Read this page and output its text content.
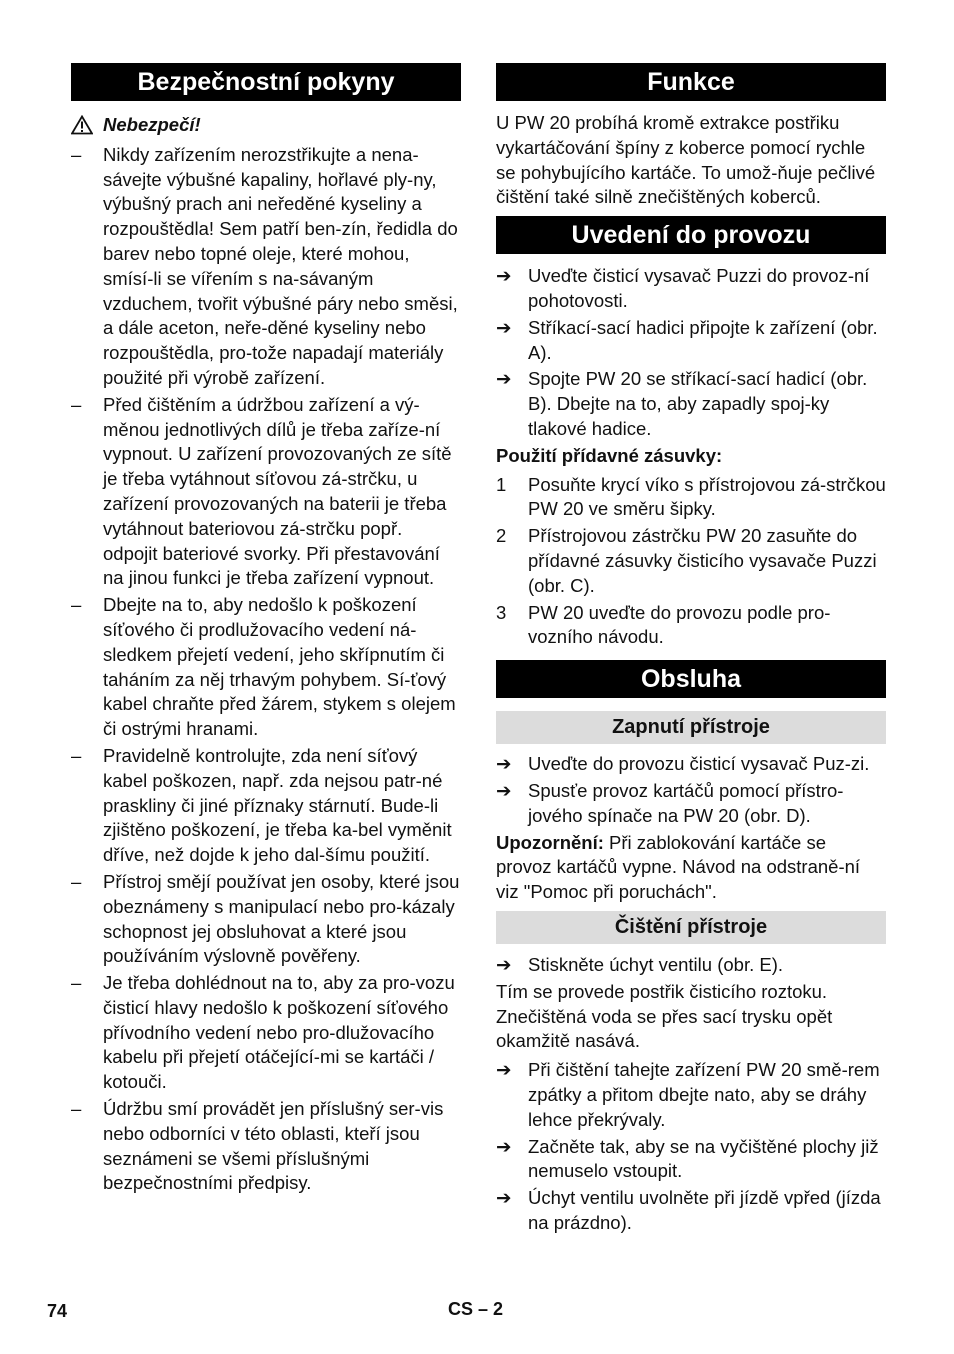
Bezpečnostní pokyny
Nebezpečí!
–	Nikdy zařízením nerozstřikujte a nena-sávejte výbušné kapaliny, hořlavé ply-ny, výbušný prach ani neředěné kyseliny a rozpouštědla! Sem patří ben-zín, ředidla do barev nebo topné oleje, které mohou, smísí-li se vířením s na-sávaným vzduchem, tvořit výbušné páry nebo směsi, a dále aceton, neře-děné kyseliny nebo rozpouštědla, pro-tože napadají materiály použité při výrobě zařízení.
–	Před čištěním a údržbou zařízení a vý-měnou jednotlivých dílů je třeba zaříze-ní vypnout. U zařízení provozovaných ze sítě je třeba vytáhnout síťovou zá-strčku, u zařízení provozovaných na baterii je třeba vytáhnout bateriovou zá-strčku popř. odpojit bateriové svorky. Při přestavování na jinou funkci je třeba zařízení vypnout.
–	Dbejte na to, aby nedošlo k poškození síťového či prodlužovacího vedení ná-sledkem přejetí vedení, jeho skřípnutím či taháním za něj trhavým pohybem. Sí-ťový kabel chraňte před žárem, stykem s olejem či ostrými hranami.
–	Pravidelně kontrolujte, zda není síťový kabel poškozen, např. zda nejsou patr-né praskliny či jiné příznaky stárnutí. Bude-li zjištěno poškození, je třeba ka-bel vyměnit dříve, než dojde k jeho dal-šímu použití.
–	Přístroj smějí používat jen osoby, které jsou obeznámeny s manipulací nebo pro-kázaly schopnost jej obsluhovat a které jsou používáním výslovně pověřeny.
–	Je třeba dohlédnout na to, aby za pro-vozu čisticí hlavy nedošlo k poškození síťového přívodního vedení nebo pro-dlužovacího kabelu při přejetí otáčející-mi se kartáči / kotouči.
–	Údržbu smí provádět jen příslušný ser-vis nebo odborníci v této oblasti, kteří jsou seznámeni se všemi příslušnými bezpečnostními předpisy.
Funkce

U PW 20 probíhá kromě extrakce postřiku vykartáčování špíny z koberce pomocí rychle se pohybujícího kartáče. To umož-ňuje pečlivé čištění také silně znečištěných koberců.

Uvedení do provozu
➔ Uveďte čisticí vysavač Puzzi do provoz-ní pohotovosti.
➔ Stříkací-sací hadici připojte k zařízení (obr. A).
➔ Spojte PW 20 se stříkací-sací hadicí (obr. B). Dbejte na to, aby zapadly spoj-ky tlakové hadice.
Použití přídavné zásuvky:
1	Posuňte krycí víko s přístrojovou zá-strčkou PW 20 ve směru šipky.
2	Přístrojovou zástrčku PW 20 zasuňte do přídavné zásuvky čisticího vysavače Puzzi (obr. C).
3	PW 20 uveďte do provozu podle pro-vozního návodu.
Obsluha
Zapnutí přístroje
➔ Uveďte do provozu čisticí vysavač Puz-zi.
➔ Spusťe provoz kartáčů pomocí přístro-jového spínače na PW 20 (obr. D).

Upozornění: Při zablokování kartáče se provoz kartáčů vypne. Návod na odstraně-ní viz "Pomoc při poruchách".

Čištění přístroje
➔ Stiskněte úchyt ventilu (obr. E).

Tím se provede postřik čisticího roztoku. Znečištěná voda se přes sací trysku opět okamžitě nasává.

➔ Při čištění tahejte zařízení PW 20 smě-rem zpátky a přitom dbejte nato, aby se dráhy lehce překrývaly.
➔ Začněte tak, aby se na vyčištěné plochy již nemuselo vstoupit.
➔ Úchyt ventilu uvolněte při jízdě vpřed (jízda na prázdno).
74	CS – 2
